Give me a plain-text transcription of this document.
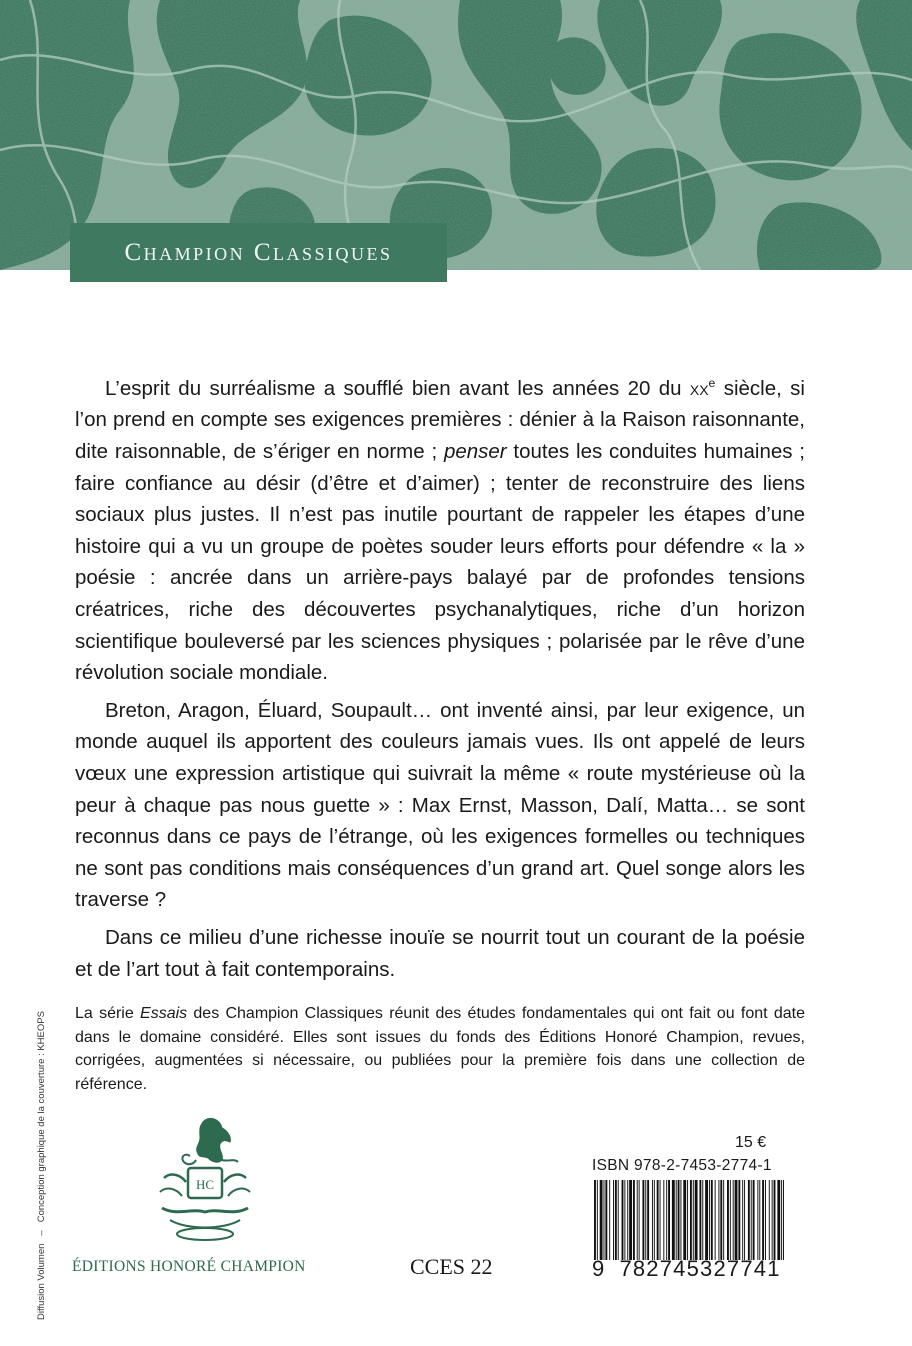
Champion Classiques

L’esprit du surréalisme a soufflé bien avant les années 20 du $xx^e$ siècle, si l’on prend en compte ses exigences premières : dénier à la Raison raisonnante, dite raisonnable, de s’ériger en norme ; penser toutes les conduites humaines ; faire confiance au désir (d’être et d’aimer) ; tenter de reconstruire des liens sociaux plus justes. Il n’est pas inutile pourtant de rappeler les étapes d’une histoire qui a vu un groupe de poètes souder leurs efforts pour défendre « la » poésie : ancrée dans un arrière-pays balayé par de profondes tensions créatrices, riche des découvertes psychanalytiques, riche d’un horizon scientifique bouleversé par les sciences physiques ; polarisée par le rêve d’une révolution sociale mondiale.

Breton, Aragon, Éluard, Soupault… ont inventé ainsi, par leur exigence, un monde auquel ils apportent des couleurs jamais vues. Ils ont appelé de leurs vœux une expression artistique qui suivrait la même « route mystérieuse où la peur à chaque pas nous guette » : Max Ernst, Masson, Dalí, Matta… se sont reconnus dans ce pays de l’étrange, où les exigences formelles ou techniques ne sont pas conditions mais conséquences d’un grand art. Quel songe alors les traverse ?

Dans ce milieu d’une richesse inouïe se nourrit tout un courant de la poésie et de l’art tout à fait contemporains.

La série Essais des Champion Classiques réunit des études fondamentales qui ont fait ou font date dans le domaine considéré. Elles sont issues du fonds des Éditions Honoré Champion, revues, corrigées, augmentées si nécessaire, ou publiées pour la première fois dans une collection de référence.

Diffusion Volumen–Conception graphique de la couverture : KHEOPS	HC
ÉDITIONS HONORÉ CHAMPION	CCES 22
15 €
ISBN 978-2-7453-2774-1
9 782745327741
